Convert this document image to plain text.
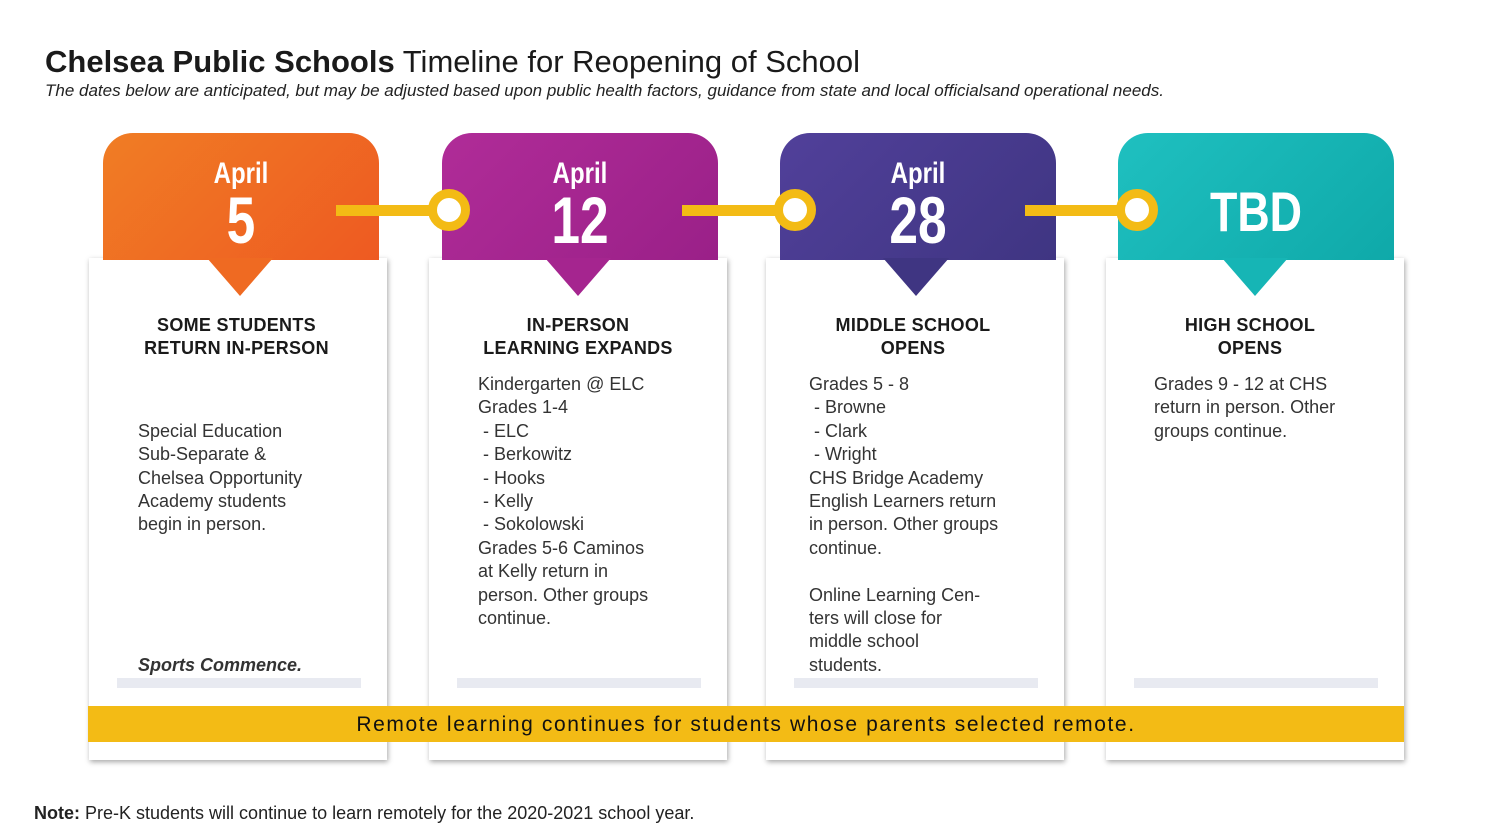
Chelsea Public Schools Timeline for Reopening of School
The dates below are anticipated, but may be adjusted based upon public health factors, guidance from state and local officialsand operational needs.
April
5
April
12
April
28	TBD
SOME STUDENTS
RETURN IN-PERSON
IN-PERSON
LEARNING EXPANDS
MIDDLE SCHOOL
OPENS
HIGH SCHOOL
OPENS

Special Education
Sub-Separate &
Chelsea Opportunity
Academy students
begin in person.

Sports Commence.

Kindergarten @ ELC
Grades 1-4
- ELC
- Berkowitz
- Hooks
- Kelly
- Sokolowski
Grades 5-6 Caminos
at Kelly return in
person. Other groups
continue.
Grades 5 - 8
- Browne
- Clark
- Wright
CHS Bridge Academy
English Learners return
in person. Other groups
continue.

Online Learning Cen-
ters will close for
middle school
students.
Grades 9 - 12 at CHS
return in person. Other
groups continue.
Remote learning continues for students whose parents selected remote.
Note: Pre-K students will continue to learn remotely for the 2020-2021 school year.
